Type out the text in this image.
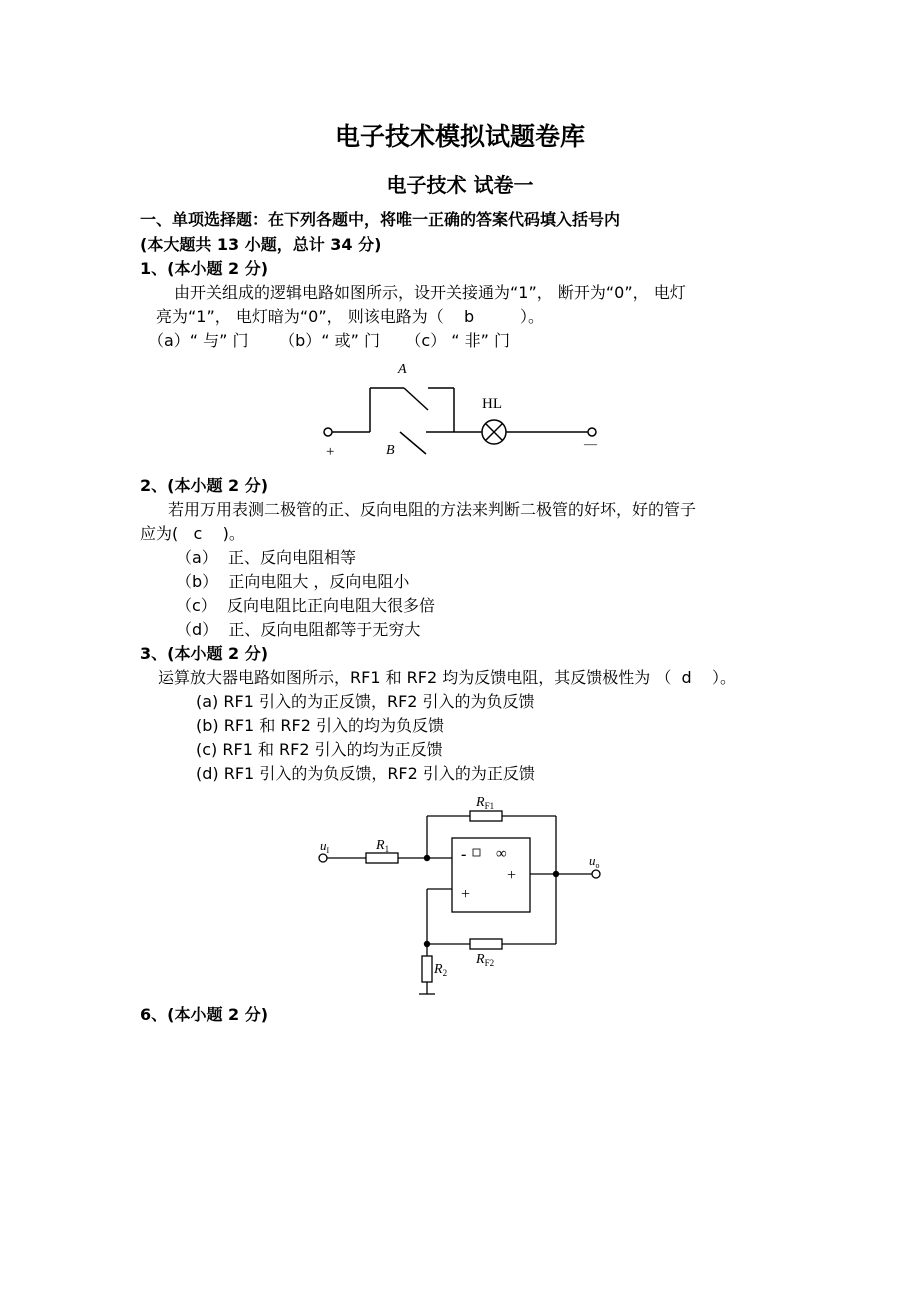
电子技术模拟试题卷库
电子技术 试卷一
一、单项选择题：在下列各题中，将唯一正确的答案代码填入括号内
(本大题共 13 小题，总计 34 分)
1、(本小题 2 分)
由开关组成的逻辑电路如图所示，设开关接通为“1”， 断开为“0”， 电灯
亮为“1”， 电灯暗为“0”， 则该电路为（    b         ）。
（a）“ 与” 门      （b）“ 或” 门     （c） “ 非” 门
A
B
HL
+
—
2、(本小题 2 分)
若用万用表测二极管的正、反向电阻的方法来判断二极管的好坏，好的管子
应为(   c    )。
（a）  正、反向电阻相等
（b）  正向电阻大 ，反向电阻小
（c）  反向电阻比正向电阻大很多倍
（d）  正、反向电阻都等于无穷大
3、(本小题 2 分)
运算放大器电路如图所示，RF1 和 RF2 均为反馈电阻，其反馈极性为 （  d    ）。
(a) RF1 引入的为正反馈，RF2 引入的为负反馈
(b) RF1 和 RF2 引入的均为负反馈
(c) RF1 和 RF2 引入的均为正反馈
(d) RF1 引入的为负反馈，RF2 引入的为正反馈
- ∞
+
+
$R_{F1}$
$R_{F2}$
$R_1$
$R_2$
$u_I$
$u_o$
6、(本小题 2 分)
